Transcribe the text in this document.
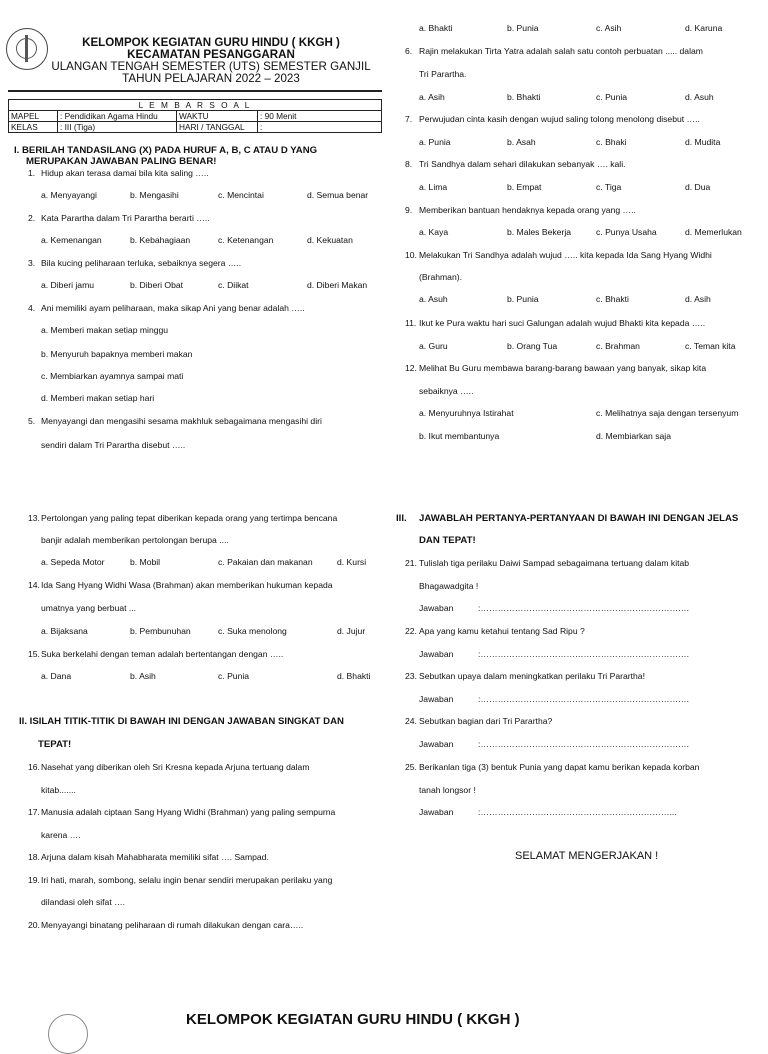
KELOMPOK KEGIATAN GURU HINDU ( KKGH )
KECAMATAN PESANGGARAN
ULANGAN TENGAH SEMESTER (UTS) SEMESTER GANJIL
TAHUN PELAJARAN 2022 – 2023
L E M B A R S O A L			
MAPEL	: Pendidikan Agama Hindu	WAKTU	: 90 Menit
KELAS	: III (Tiga)	HARI / TANGGAL	:
I. BERILAH TANDASILANG (X) PADA HURUF A, B, C ATAU D YANG
MERUPAKAN JAWABAN PALING BENAR!
1. Hidup akan terasa damai bila kita saling …..
a. Menyayangi	b. Mengasihi	c. Mencintai	d. Semua benar
2. Kata Parartha dalam Tri Parartha berarti …..
a. Kemenangan	b. Kebahagiaan	c. Ketenangan	d. Kekuatan
3. Bila kucing peliharaan terluka, sebaiknya segera …..
a. Diberi jamu	b. Diberi Obat	c. Diikat	d. Diberi Makan
4. Ani memiliki ayam peliharaan, maka sikap Ani yang benar adalah …..
a. Memberi makan setiap minggu
b. Menyuruh bapaknya memberi makan
c. Membiarkan ayamnya sampai mati
d. Memberi makan setiap hari
5. Menyayangi dan mengasihi sesama makhluk sebagaimana mengasihi diri
sendiri dalam Tri Parartha disebut …..
a. Bhakti	b. Punia	c. Asih	d. Karuna
6. Rajin melakukan Tirta Yatra adalah salah satu contoh perbuatan ..... dalam
Tri Parartha.
a. Asih	b. Bhakti	c. Punia	d. Asuh
7. Perwujudan cinta kasih dengan wujud saling tolong menolong disebut …..
a. Punia	b. Asah	c. Bhaki	d. Mudita
8. Tri Sandhya dalam sehari dilakukan sebanyak …. kali.
a. Lima	b. Empat	c. Tiga	d. Dua
9. Memberikan bantuan hendaknya kepada orang yang …..
a. Kaya	b. Males Bekerja	c. Punya Usaha	d. Memerlukan
10. Melakukan Tri Sandhya adalah wujud ….. kita kepada Ida Sang Hyang Widhi
(Brahman).
a. Asuh	b. Punia	c. Bhakti	d. Asih
11. Ikut ke Pura waktu hari suci Galungan adalah wujud Bhakti kita kepada …..
a. Guru	b. Orang Tua	c. Brahman	c. Teman kita
12. Melihat Bu Guru membawa barang-barang bawaan yang banyak, sikap kita
sebaiknya …..
a. Menyuruhnya Istirahat	c. Melihatnya saja dengan tersenyum
b. Ikut membantunya	d. Membiarkan saja
13. Pertolongan yang paling tepat diberikan kepada orang yang tertimpa bencana
banjir adalah memberikan pertolongan berupa ....
a. Sepeda Motor	b. Mobil	c. Pakaian dan makanan	d. Kursi
14. Ida Sang Hyang Widhi Wasa (Brahman) akan memberikan hukuman kepada
umatnya yang berbuat ...
a. Bijaksana	b. Pembunuhan	c. Suka menolong	d. Jujur
15. Suka berkelahi dengan teman adalah bertentangan dengan …..
a. Dana	b. Asih	c. Punia	d. Bhakti
II. ISILAH TITIK-TITIK DI BAWAH INI DENGAN JAWABAN SINGKAT DAN
TEPAT!
16. Nasehat yang diberikan oleh Sri Kresna kepada Arjuna tertuang dalam
kitab.......
17. Manusia adalah ciptaan Sang Hyang Widhi (Brahman) yang paling sempurna
karena ….
18. Arjuna dalam kisah Mahabharata memiliki sifat …. Sampad.
19. Iri hati, marah, sombong, selalu ingin benar sendiri merupakan perilaku yang
dilandasi oleh sifat ….
20. Menyayangi binatang peliharaan di rumah dilakukan dengan cara…..
III. JAWABLAH PERTANYA-PERTANYAAN DI BAWAH INI DENGAN JELAS
DAN TEPAT!
21. Tulislah tiga perilaku Daiwi Sampad sebagaimana tertuang dalam kitab
Bhagawadgita !
Jawaban	:……………………………………………………………….
22. Apa yang kamu ketahui tentang Sad Ripu ?
Jawaban	:……………………………………………………………….
23. Sebutkan upaya dalam meningkatkan perilaku Tri Parartha!
Jawaban	:……………………………………………………………….
24. Sebutkan bagian dari Tri Parartha?
Jawaban	:……………………………………………………………….
25. Berikanlan tiga (3) bentuk Punia yang dapat kamu berikan kepada korban
tanah longsor !
Jawaban	:…………………………………………………………...
SELAMAT MENGERJAKAN !
KELOMPOK KEGIATAN GURU HINDU ( KKGH )
